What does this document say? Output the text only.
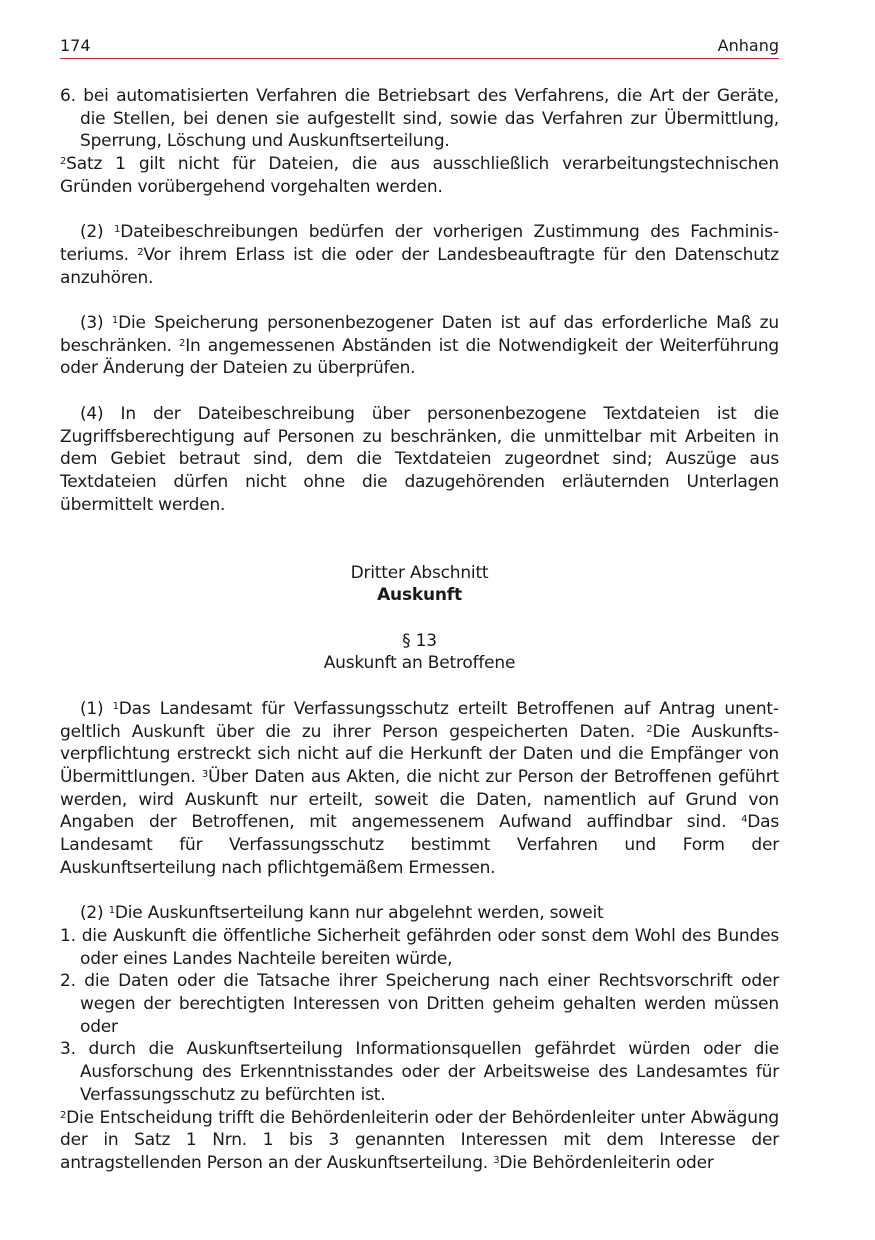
174	Anhang

6. bei automatisierten Verfahren die Betriebsart des Verfahrens, die Art der Geräte, die Stellen, bei denen sie aufgestellt sind, sowie das Verfahren zur Übermittlung, Sperrung, Löschung und Auskunftserteilung.

$^2$Satz 1 gilt nicht für Dateien, die aus ausschließlich verarbeitungstechnischen Gründen vorübergehend vorgehalten werden.

(2) $^1$Dateibeschreibungen bedürfen der vorherigen Zustimmung des Fachministeriums. $^2$Vor ihrem Erlass ist die oder der Landesbeauftragte für den Datenschutz anzuhören.

(3) $^1$Die Speicherung personenbezogener Daten ist auf das erforderliche Maß zu beschränken. $^2$In angemessenen Abständen ist die Notwendigkeit der Weiterführung oder Änderung der Dateien zu überprüfen.

(4) In der Dateibeschreibung über personenbezogene Textdateien ist die Zugriffsberechtigung auf Personen zu beschränken, die unmittelbar mit Arbeiten in dem Gebiet betraut sind, dem die Textdateien zugeordnet sind; Auszüge aus Textdateien dürfen nicht ohne die dazugehörenden erläuternden Unterlagen übermittelt werden.

Dritter Abschnitt

Auskunft

§ 13

Auskunft an Betroffene

(1) $^1$Das Landesamt für Verfassungsschutz erteilt Betroffenen auf Antrag unentgeltlich Auskunft über die zu ihrer Person gespeicherten Daten. $^2$Die Auskunftsverpflichtung erstreckt sich nicht auf die Herkunft der Daten und die Empfänger von Übermittlungen. $^3$Über Daten aus Akten, die nicht zur Person der Betroffenen geführt werden, wird Auskunft nur erteilt, soweit die Daten, namentlich auf Grund von Angaben der Betroffenen, mit angemessenem Aufwand auffindbar sind. $^4$Das Landesamt für Verfassungsschutz bestimmt Verfahren und Form der Auskunftserteilung nach pflichtgemäßem Ermessen.

(2) $^1$Die Auskunftserteilung kann nur abgelehnt werden, soweit

1. die Auskunft die öffentliche Sicherheit gefährden oder sonst dem Wohl des Bundes oder eines Landes Nachteile bereiten würde,

2. die Daten oder die Tatsache ihrer Speicherung nach einer Rechtsvorschrift oder wegen der berechtigten Interessen von Dritten geheim gehalten werden müssen oder

3. durch die Auskunftserteilung Informationsquellen gefährdet würden oder die Ausforschung des Erkenntnisstandes oder der Arbeitsweise des Landesamtes für Verfassungsschutz zu befürchten ist.

$^2$Die Entscheidung trifft die Behördenleiterin oder der Behördenleiter unter Abwägung der in Satz 1 Nrn. 1 bis 3 genannten Interessen mit dem Interesse der antragstellenden Person an der Auskunftserteilung. $^3$Die Behördenleiterin oder
